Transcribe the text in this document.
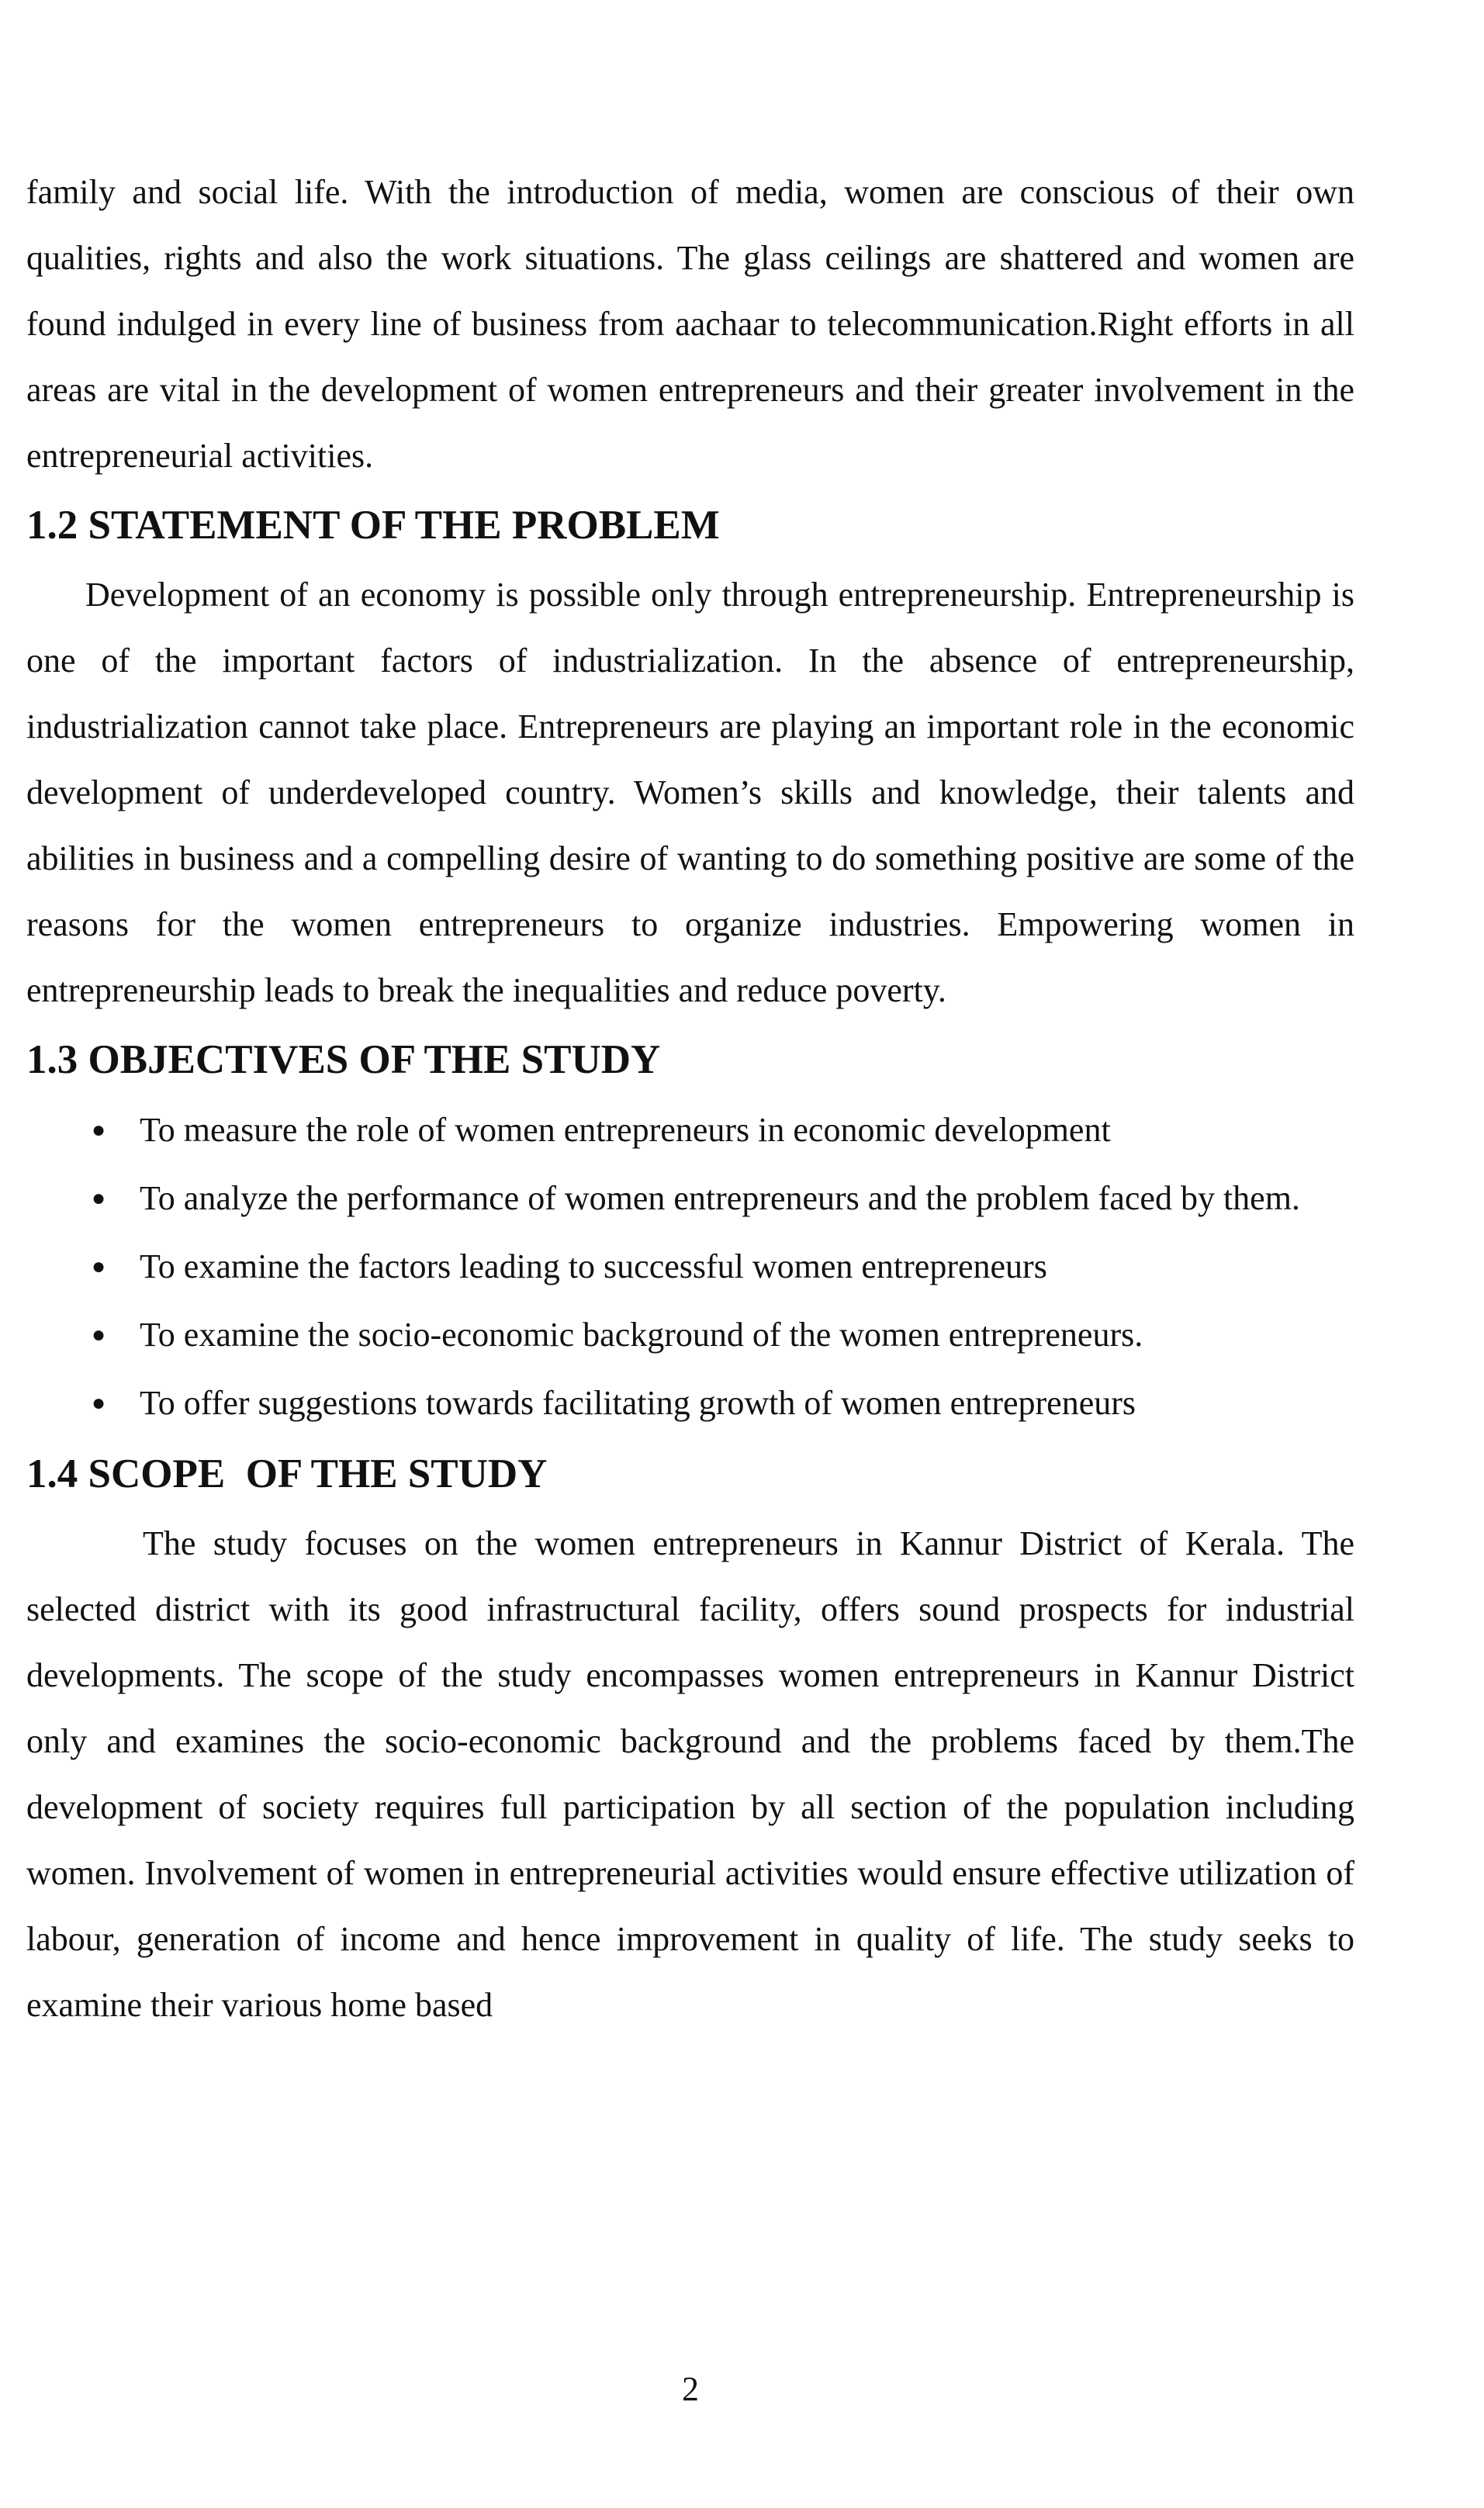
family and social life. With the introduction of media, women are conscious of their own qualities, rights and also the work situations. The glass ceilings are shattered and women are found indulged in every line of business from aachaar to telecommunication.Right efforts in all areas are vital in the development of women entrepreneurs and their greater involvement in the entrepreneurial activities.

1.2 STATEMENT OF THE PROBLEM

Development of an economy is possible only through entrepreneurship. Entrepreneurship is one of the important factors of industrialization. In the absence of entrepreneurship, industrialization cannot take place. Entrepreneurs are playing an important role in the economic development of underdeveloped country. Women’s skills and knowledge, their talents and abilities in business and a compelling desire of wanting to do something positive are some of the reasons for the women entrepreneurs to organize industries. Empowering women in entrepreneurship leads to break the inequalities and reduce poverty.

1.3 OBJECTIVES OF THE STUDY
● To measure the role of women entrepreneurs in economic development
● To analyze the performance of women entrepreneurs and the problem faced by them.
● To examine the factors leading to successful women entrepreneurs
● To examine the socio-economic background of the women entrepreneurs.
● To offer suggestions towards facilitating growth of women entrepreneurs
1.4 SCOPE  OF THE STUDY

The study focuses on the women entrepreneurs in Kannur District of Kerala. The selected district with its good infrastructural facility, offers sound prospects for industrial developments. The scope of the study encompasses women entrepreneurs in Kannur District only and examines the socio-economic background and the problems faced by them.The development of society requires full participation by all section of the population including women. Involvement of women in entrepreneurial activities would ensure effective utilization of labour, generation of income and hence improvement in quality of life. The study seeks to examine their various home based

2
